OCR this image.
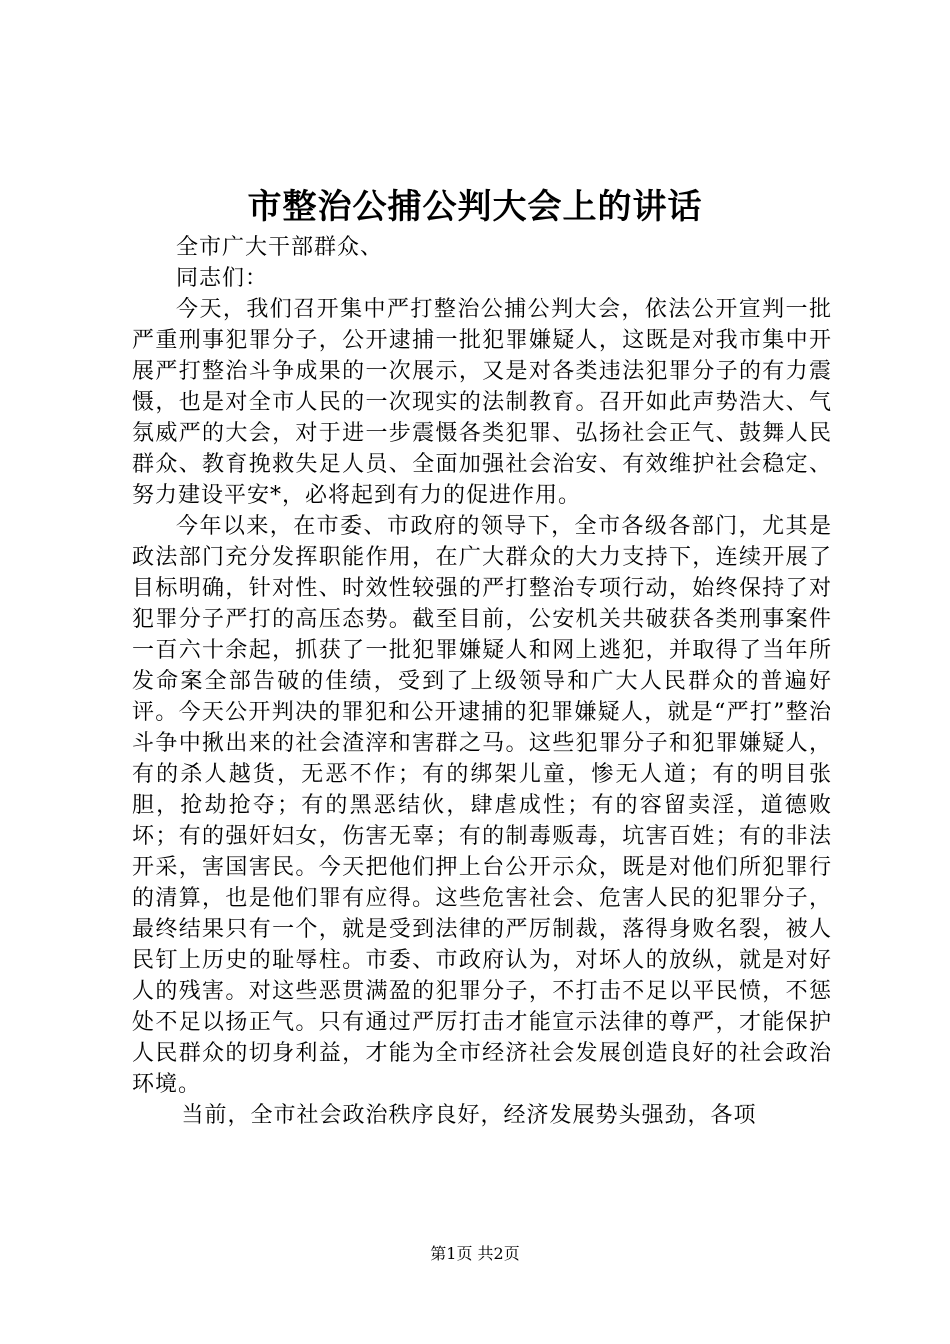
市整治公捕公判大会上的讲话

全市广大干部群众、

同志们：

今天，我们召开集中严打整治公捕公判大会，依法公开宣判一批严重刑事犯罪分子，公开逮捕一批犯罪嫌疑人，这既是对我市集中开展严打整治斗争成果的一次展示，又是对各类违法犯罪分子的有力震慑，也是对全市人民的一次现实的法制教育。召开如此声势浩大、气氛威严的大会，对于进一步震慑各类犯罪、弘扬社会正气、鼓舞人民群众、教育挽救失足人员、全面加强社会治安、有效维护社会稳定、努力建设平安*，必将起到有力的促进作用。

今年以来，在市委、市政府的领导下，全市各级各部门，尤其是政法部门充分发挥职能作用，在广大群众的大力支持下，连续开展了目标明确，针对性、时效性较强的严打整治专项行动，始终保持了对犯罪分子严打的高压态势。截至目前，公安机关共破获各类刑事案件一百六十余起，抓获了一批犯罪嫌疑人和网上逃犯，并取得了当年所发命案全部告破的佳绩，受到了上级领导和广大人民群众的普遍好评。今天公开判决的罪犯和公开逮捕的犯罪嫌疑人，就是“严打”整治斗争中揪出来的社会渣滓和害群之马。这些犯罪分子和犯罪嫌疑人，有的杀人越货，无恶不作；有的绑架儿童，惨无人道；有的明目张胆，抢劫抢夺；有的黑恶结伙，肆虐成性；有的容留卖淫，道德败坏；有的强奸妇女，伤害无辜；有的制毒贩毒，坑害百姓；有的非法开采，害国害民。今天把他们押上台公开示众，既是对他们所犯罪行的清算，也是他们罪有应得。这些危害社会、危害人民的犯罪分子，最终结果只有一个，就是受到法律的严厉制裁，落得身败名裂，被人民钉上历史的耻辱柱。市委、市政府认为，对坏人的放纵，就是对好人的残害。对这些恶贯满盈的犯罪分子，不打击不足以平民愤，不惩处不足以扬正气。只有通过严厉打击才能宣示法律的尊严，才能保护人民群众的切身利益，才能为全市经济社会发展创造良好的社会政治环境。

当前，全市社会政治秩序良好，经济发展势头强劲，各项

第1页 共2页
